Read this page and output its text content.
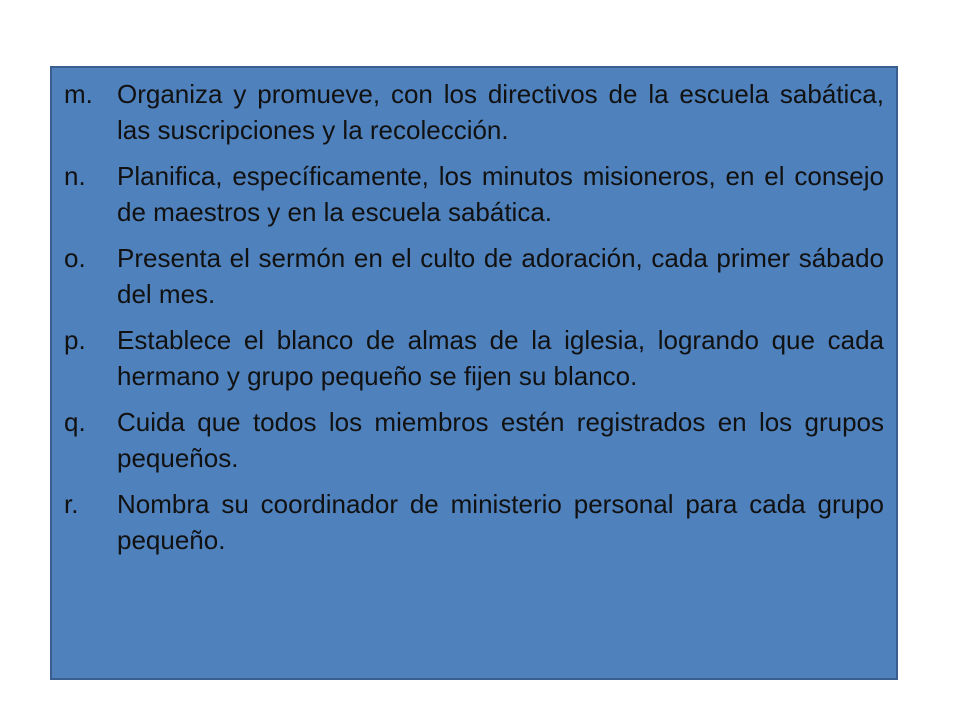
m. Organiza y promueve, con los directivos de la escuela sabática, las suscripciones y la recolección.
n.	Planifica, específicamente, los minutos misioneros, en el consejo de maestros y en la escuela sabática.
o.	Presenta el sermón en el culto de adoración, cada primer sábado del mes.
p.	Establece el blanco de almas de la iglesia, logrando que cada hermano y grupo pequeño se fijen su blanco.
q.	Cuida que todos los miembros estén registrados en los grupos pequeños.
r.	Nombra su coordinador de ministerio personal para cada grupo pequeño.
